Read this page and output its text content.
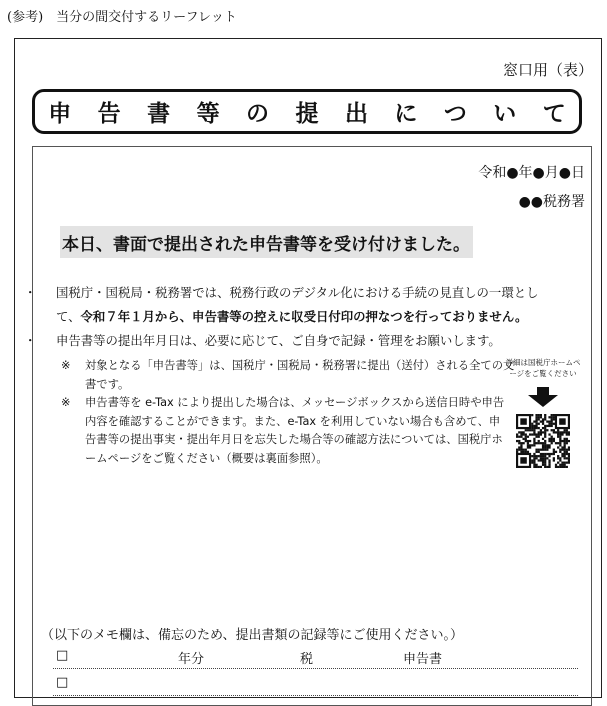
(参考)　当分の間交付するリーフレット
窓口用（表）
申	告	書	等	の	提	出	に	つ	い	て
令和●年●月●日
●●税務署
本日、書面で提出された申告書等を受け付けました。
・ 国税庁・国税局・税務署では、税務行政のデジタル化における手続の見直しの一環とし
て、令和７年１月から、申告書等の控えに収受日付印の押なつを行っておりません。
・ 申告書等の提出年月日は、必要に応じて、ご自身で記録・管理をお願いします。
※ 対象となる「申告書等」は、国税庁・国税局・税務署に提出（送付）される全ての文書です。
※ 申告書等を e-Tax により提出した場合は、メッセージボックスから送信日時や申告内容を確認することができます。また、e-Tax を利用していない場合も含めて、申告書等の提出事実・提出年月日を忘失した場合等の確認方法については、国税庁ホームページをご覧ください（概要は裏面参照）。
詳細は国税庁ホームページをご覧ください
（以下のメモ欄は、備忘のため、提出書類の記録等にご使用ください。）
□	年分	税	申告書
□
